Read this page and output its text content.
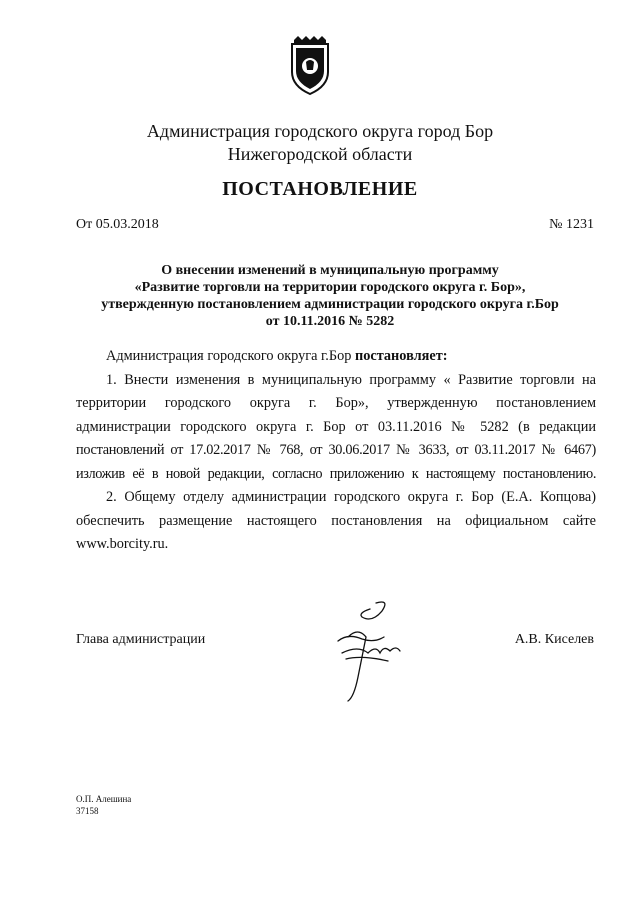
Администрация городского округа город Бор
Нижегородской области
ПОСТАНОВЛЕНИЕ
От 05.03.2018	№ 1231
О внесении изменений в муниципальную программу
«Развитие торговли на территории городского округа г. Бор»,
утвержденную постановлением администрации городского округа г.Бор
от 10.11.2016 № 5282

Администрация городского округа г.Бор постановляет:

1. Внести изменения в муниципальную программу « Развитие торговли на
территории городского округа г. Бор», утвержденную постановлением
администрации городского округа г. Бор от 03.11.2016 № 5282 (в редакции
постановлений от 17.02.2017 № 768, от 30.06.2017 № 3633, от 03.11.2017 № 6467)
изложив её в новой редакции, согласно приложению к настоящему постановлению.
2. Общему отделу администрации городского округа г. Бор (Е.А. Копцова)
обеспечить размещение настоящего постановления на официальном сайте
www.borcity.ru.
Глава администрации	А.В. Киселев
О.П. Алешина
37158
